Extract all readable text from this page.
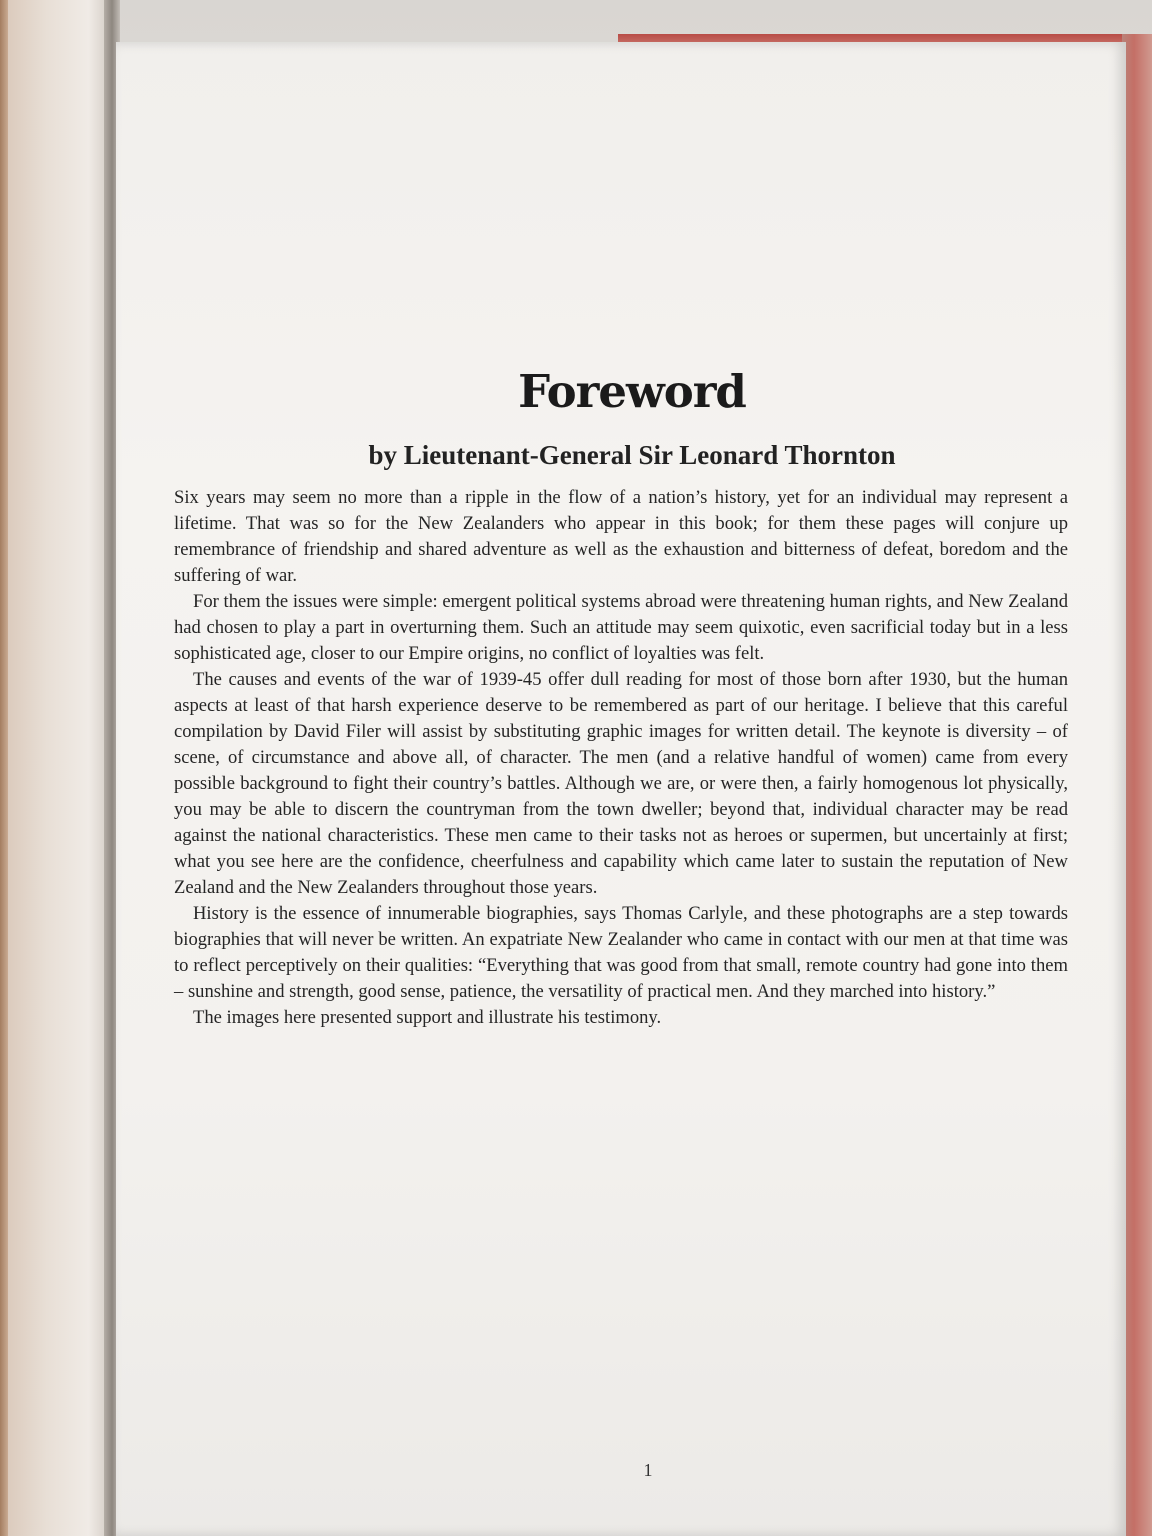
Foreword
by Lieutenant-General Sir Leonard Thornton

Six years may seem no more than a ripple in the flow of a nation’s history, yet for an individual may represent a lifetime. That was so for the New Zealanders who appear in this book; for them these pages will conjure up remembrance of friendship and shared adventure as well as the exhaustion and bitterness of defeat, boredom and the suffering of war.

For them the issues were simple: emergent political systems abroad were threatening human rights, and New Zealand had chosen to play a part in overturning them. Such an attitude may seem quixotic, even sacrificial today but in a less sophisticated age, closer to our Empire origins, no conflict of loyalties was felt.

The causes and events of the war of 1939-45 offer dull reading for most of those born after 1930, but the human aspects at least of that harsh experience deserve to be remembered as part of our heritage. I believe that this careful compilation by David Filer will assist by substituting graphic images for written detail. The keynote is diversity – of scene, of circumstance and above all, of character. The men (and a relative handful of women) came from every possible background to fight their country’s battles. Although we are, or were then, a fairly homogenous lot physically, you may be able to discern the countryman from the town dweller; beyond that, individual character may be read against the national characteristics. These men came to their tasks not as heroes or supermen, but uncertainly at first; what you see here are the confidence, cheerfulness and capability which came later to sustain the reputation of New Zealand and the New Zealanders throughout those years.

History is the essence of innumerable biographies, says Thomas Carlyle, and these photographs are a step towards biographies that will never be written. An expatriate New Zealander who came in contact with our men at that time was to reflect perceptively on their qualities: “Everything that was good from that small, remote country had gone into them – sunshine and strength, good sense, patience, the versatility of practical men. And they marched into history.”

The images here presented support and illustrate his testimony.

1
